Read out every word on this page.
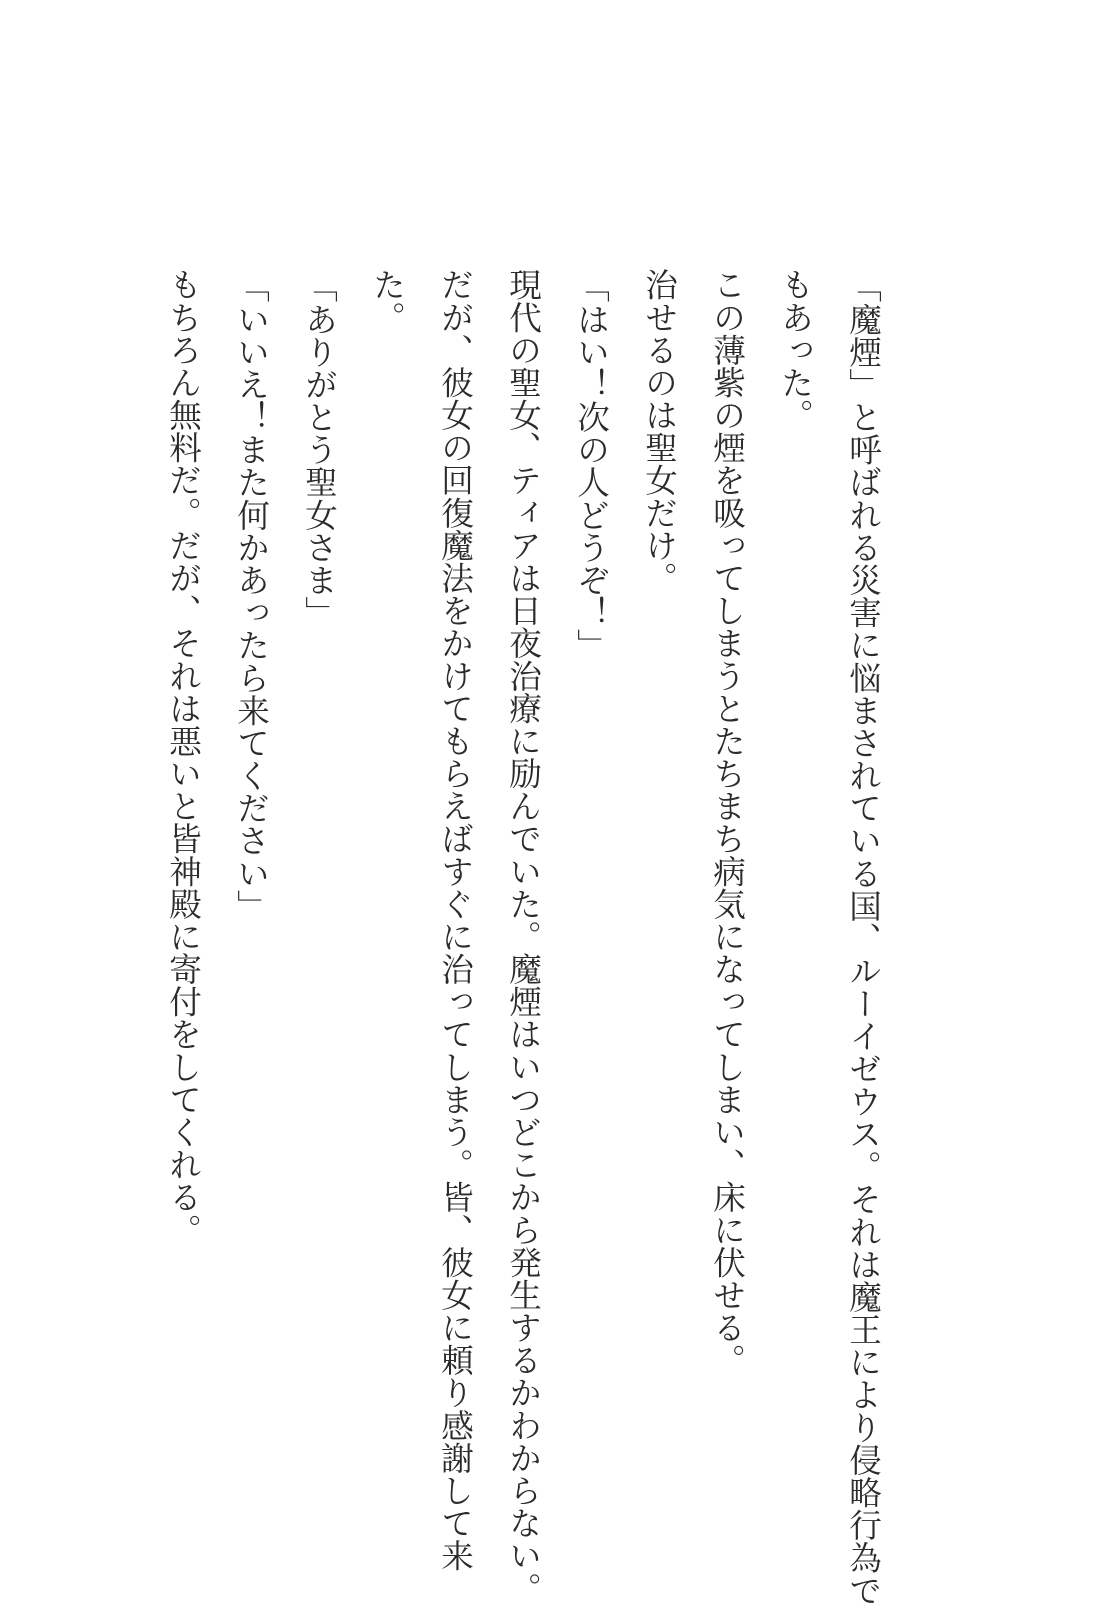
「魔煙」と呼ばれる災害に悩まされている国、ルーイゼウス。それは魔王により侵略行為で
もあった。
この薄紫の煙を吸ってしまうとたちまち病気になってしまい、床に伏せる。
治せるのは聖女だけ。
「はい！次の人どうぞ！」
現代の聖女、ティアは日夜治療に励んでいた。魔煙はいつどこから発生するかわからない。
だが、彼女の回復魔法をかけてもらえばすぐに治ってしまう。皆、彼女に頼り感謝して来
た。
「ありがとう聖女さま」
「いいえ！また何かあったら来てください」
もちろん無料だ。だが、それは悪いと皆神殿に寄付をしてくれる。
